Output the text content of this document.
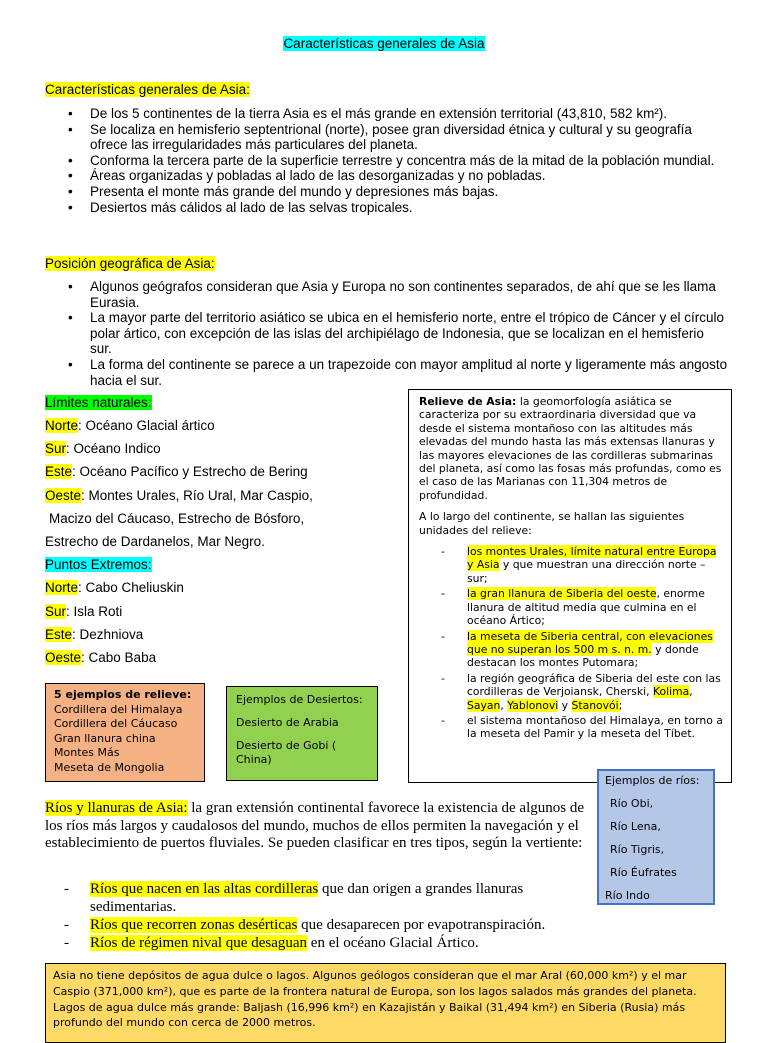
Características generales de Asia
Características generales de Asia:
• De los 5 continentes de la tierra Asia es el más grande en extensión territorial (43,810, 582 km²).
• Se localiza en hemisferio septentrional (norte), posee gran diversidad étnica y cultural y su geografía ofrece las irregularidades más particulares del planeta.
• Conforma la tercera parte de la superficie terrestre y concentra más de la mitad de la población mundial.
• Áreas organizadas y pobladas al lado de las desorganizadas y no pobladas.
• Presenta el monte más grande del mundo y depresiones más bajas.
• Desiertos más cálidos al lado de las selvas tropicales.
Posición geográfica de Asia:
• Algunos geógrafos consideran que Asia y Europa no son continentes separados, de ahí que se les llama Eurasia.
• La mayor parte del territorio asiático se ubica en el hemisferio norte, entre el trópico de Cáncer y el círculo polar ártico, con excepción de las islas del archipiélago de Indonesia, que se localizan en el hemisferio sur.
• La forma del continente se parece a un trapezoide con mayor amplitud al norte y ligeramente más angosto hacia el sur.
Límites naturales:
Norte: Océano Glacial ártico
Sur: Océano Indico
Este: Océano Pacífico y Estrecho de Bering
Oeste: Montes Urales, Río Ural, Mar Caspio,
Macizo del Cáucaso, Estrecho de Bósforo,
Estrecho de Dardanelos, Mar Negro.
Puntos Extremos:
Norte: Cabo Cheliuskin
Sur: Isla Roti
Este: Dezhniova
Oeste: Cabo Baba
5 ejemplos de relieve:
Cordillera del Himalaya
Cordillera del Cáucaso
Gran llanura china
Montes Más
Meseta de Mongolia
Ejemplos de Desiertos:
Desierto de Arabia
Desierto de Gobi ( China)

Relieve de Asia: la geomorfología asiática se caracteriza por su extraordinaria diversidad que va desde el sistema montañoso con las altitudes más elevadas del mundo hasta las más extensas llanuras y las mayores elevaciones de las cordilleras submarinas del planeta, así como las fosas más profundas, como es el caso de las Marianas con 11,304 metros de profundidad.

A lo largo del continente, se hallan las siguientes unidades del relieve:

- los montes Urales, límite natural entre Europa y Asia y que muestran una dirección norte – sur;
- la gran llanura de Siberia del oeste, enorme llanura de altitud media que culmina en el océano Ártico;
- la meseta de Siberia central, con elevaciones que no superan los 500 m s. n. m. y donde destacan los montes Putomara;
- la región geográfica de Siberia del este con las cordilleras de Verjoiansk, Cherski, Kolima, Sayan, Yablonovi y Stanovói;
- el sistema montañoso del Himalaya, en torno a la meseta del Pamir y la meseta del Tíbet.
Ejemplos de ríos:
Río Obi,
Río Lena,
Río Tigris,
Río Éufrates
Río Indo
Ríos y llanuras de Asia: la gran extensión continental favorece la existencia de algunos de los ríos más largos y caudalosos del mundo, muchos de ellos permiten la navegación y el establecimiento de puertos fluviales. Se pueden clasificar en tres tipos, según la vertiente:
- Ríos que nacen en las altas cordilleras que dan origen a grandes llanuras sedimentarias.
- Ríos que recorren zonas desérticas que desaparecen por evapotranspiración.
- Ríos de régimen nival que desaguan en el océano Glacial Ártico.
Asia no tiene depósitos de agua dulce o lagos. Algunos geólogos consideran que el mar Aral (60,000 km²) y el mar Caspio (371,000 km²), que es parte de la frontera natural de Europa, son los lagos salados más grandes del planeta. Lagos de agua dulce más grande: Baljash (16,996 km²) en Kazajistán y Baikal (31,494 km²) en Siberia (Rusia) más profundo del mundo con cerca de 2000 metros.
